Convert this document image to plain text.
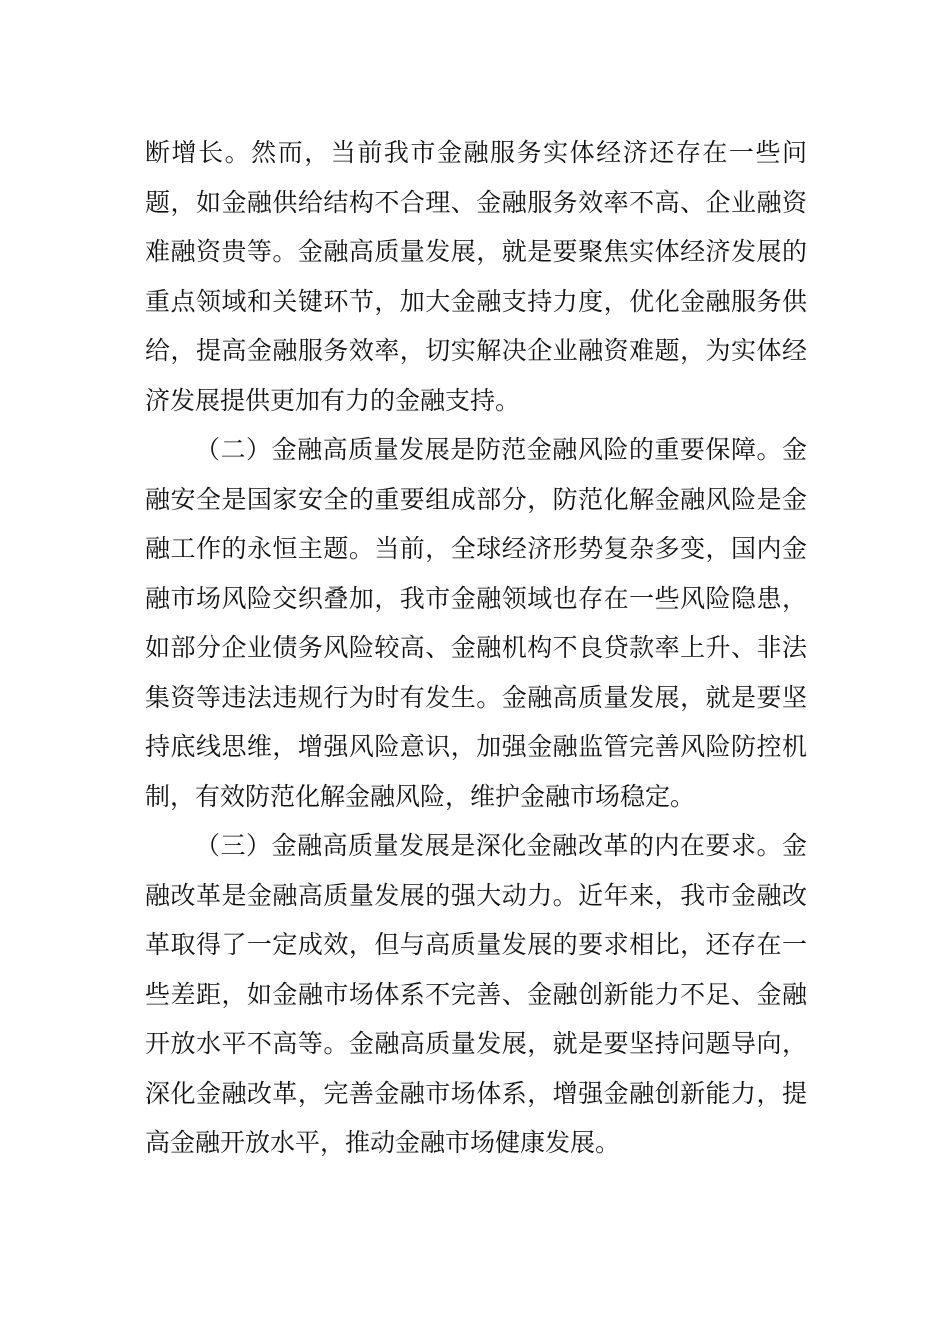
断增长。然而，当前我市金融服务实体经济还存在一些问题，如金融供给结构不合理、金融服务效率不高、企业融资难融资贵等。金融高质量发展，就是要聚焦实体经济发展的重点领域和关键环节，加大金融支持力度，优化金融服务供给，提高金融服务效率，切实解决企业融资难题，为实体经济发展提供更加有力的金融支持。

（二）金融高质量发展是防范金融风险的重要保障。金融安全是国家安全的重要组成部分，防范化解金融风险是金融工作的永恒主题。当前，全球经济形势复杂多变，国内金融市场风险交织叠加，我市金融领域也存在一些风险隐患，如部分企业债务风险较高、金融机构不良贷款率上升、非法集资等违法违规行为时有发生。金融高质量发展，就是要坚持底线思维，增强风险意识，加强金融监管完善风险防控机制，有效防范化解金融风险，维护金融市场稳定。

（三）金融高质量发展是深化金融改革的内在要求。金融改革是金融高质量发展的强大动力。近年来，我市金融改革取得了一定成效，但与高质量发展的要求相比，还存在一些差距，如金融市场体系不完善、金融创新能力不足、金融开放水平不高等。金融高质量发展，就是要坚持问题导向，深化金融改革，完善金融市场体系，增强金融创新能力，提高金融开放水平，推动金融市场健康发展。
